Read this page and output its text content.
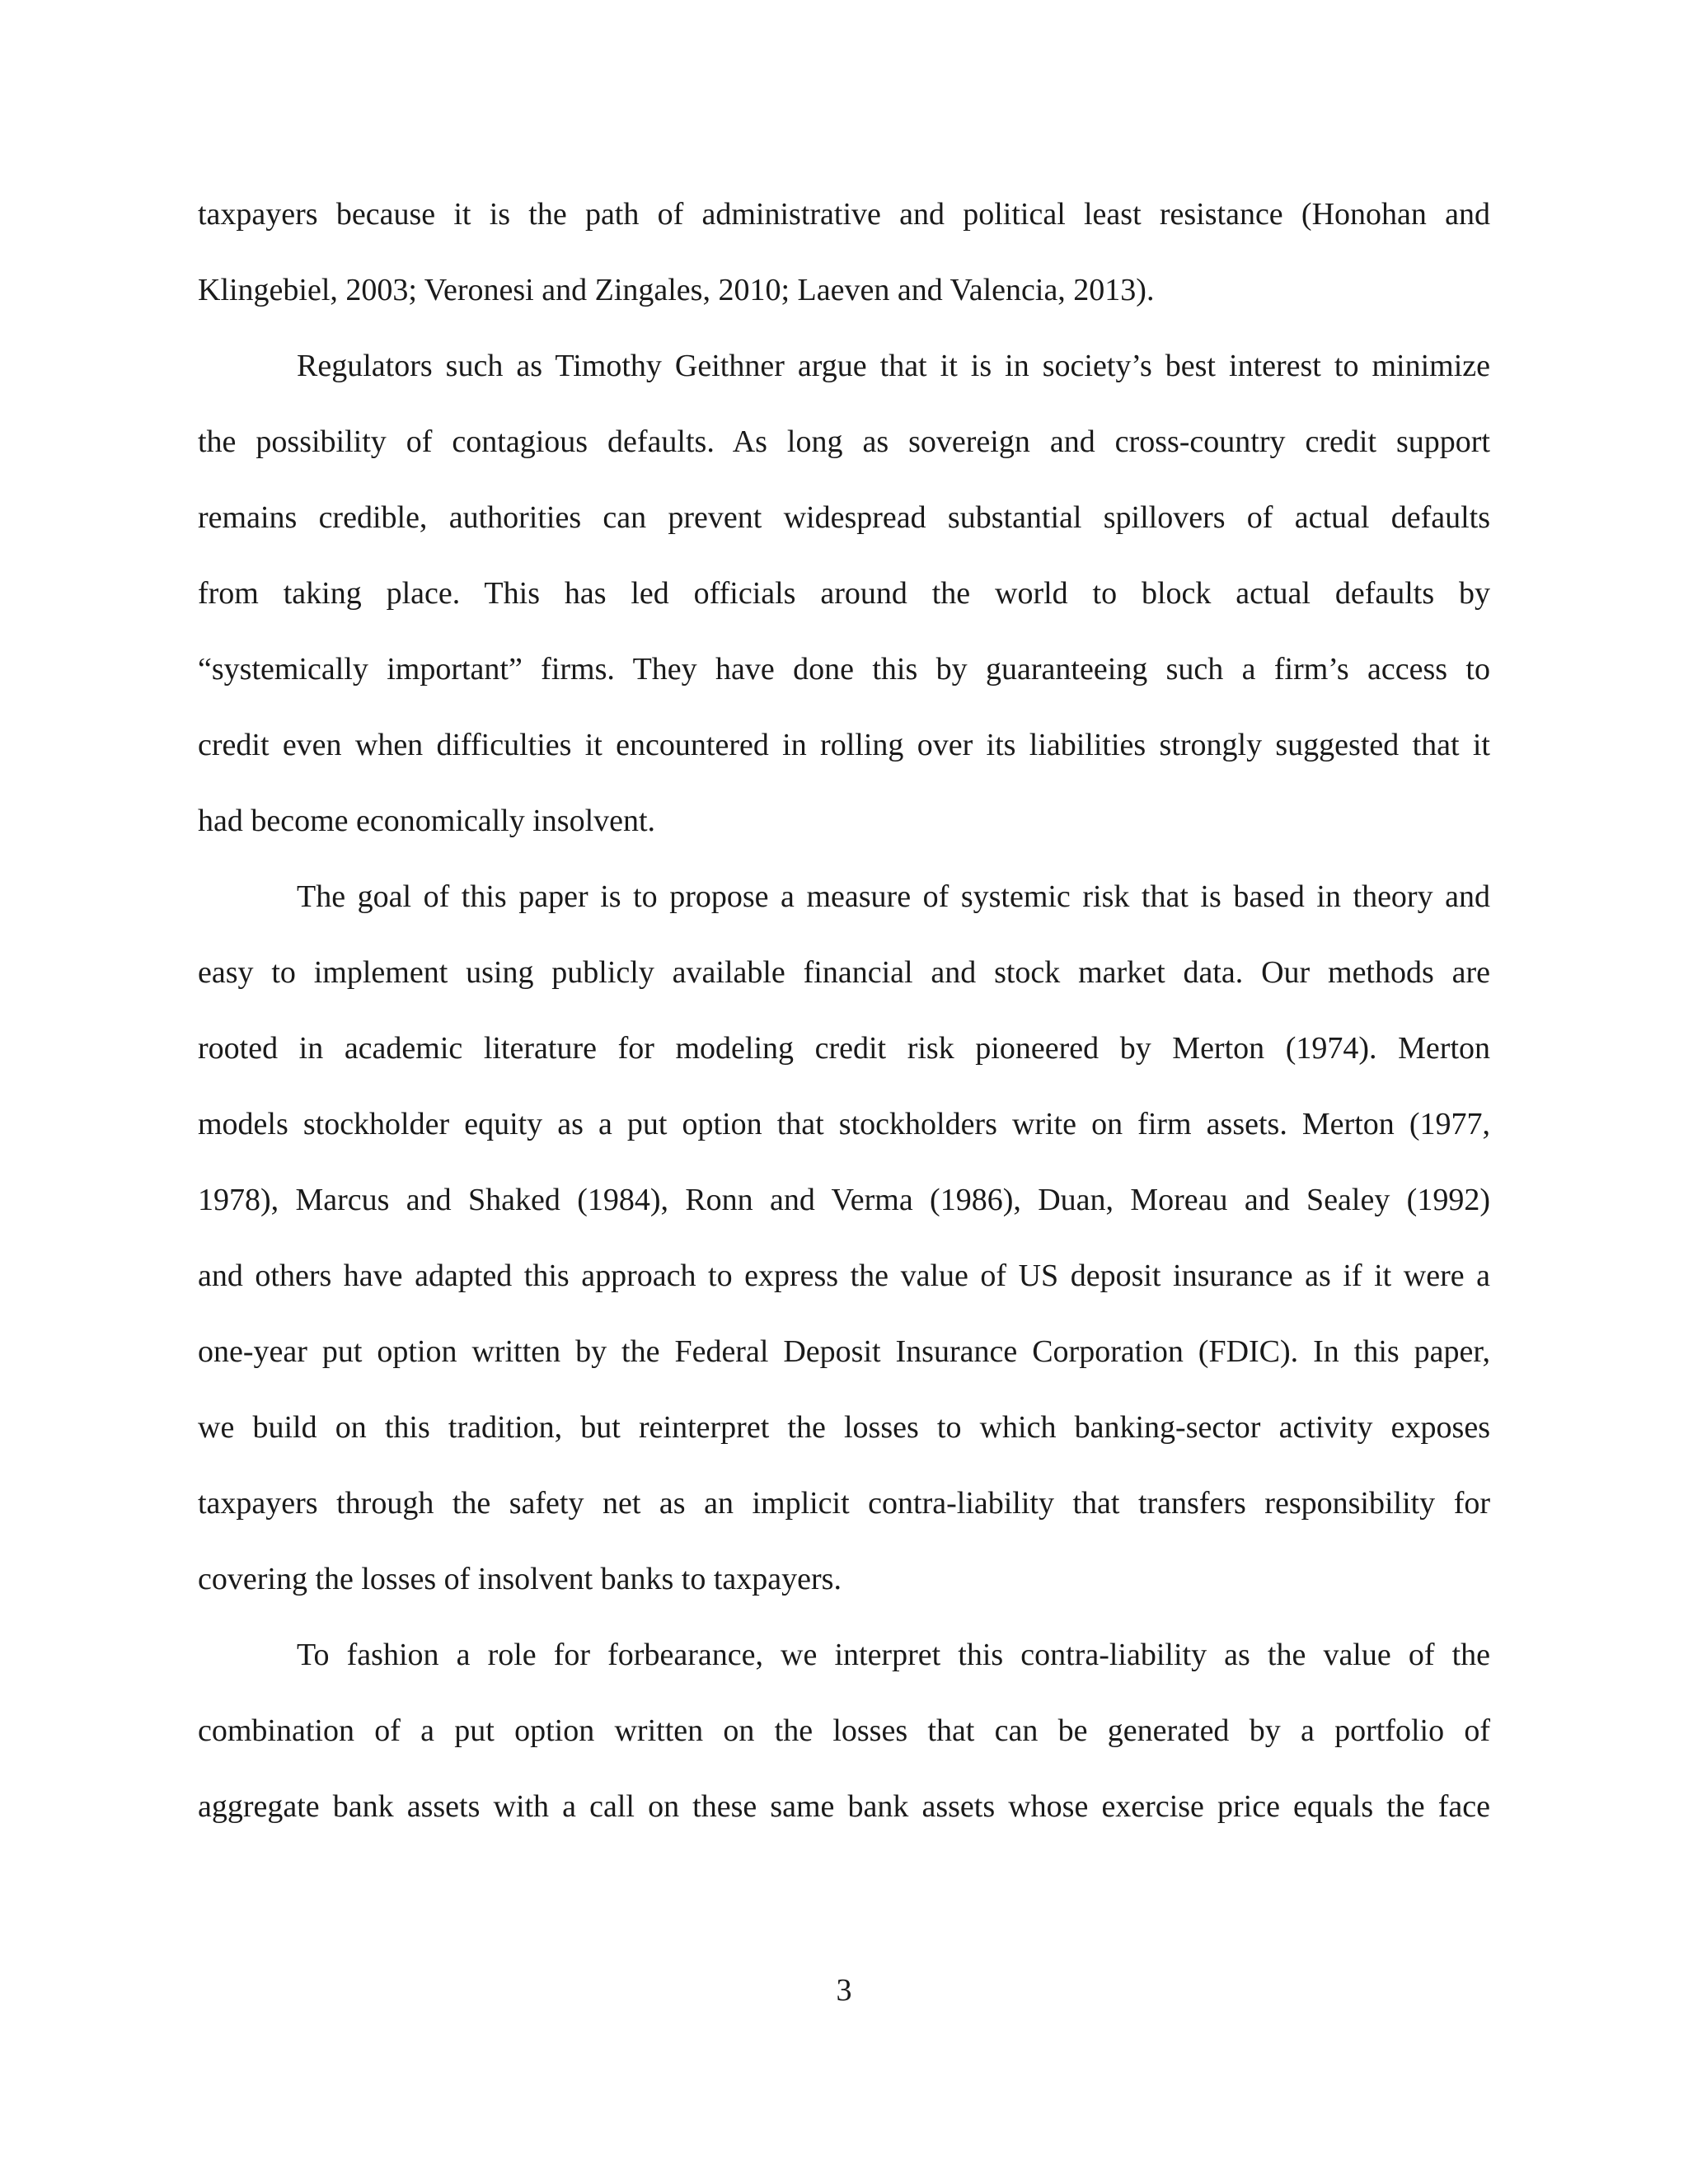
taxpayers because it is the path of administrative and political least resistance (Honohan and
Klingebiel, 2003; Veronesi and Zingales, 2010; Laeven and Valencia, 2013).
Regulators such as Timothy Geithner argue that it is in society’s best interest to minimize
the possibility of contagious defaults. As long as sovereign and cross-country credit support
remains credible, authorities can prevent widespread substantial spillovers of actual defaults
from taking place. This has led officials around the world to block actual defaults by
“systemically important” firms. They have done this by guaranteeing such a firm’s access to
credit even when difficulties it encountered in rolling over its liabilities strongly suggested that it
had become economically insolvent.
The goal of this paper is to propose a measure of systemic risk that is based in theory and
easy to implement using publicly available financial and stock market data. Our methods are
rooted in academic literature for modeling credit risk pioneered by Merton (1974). Merton
models stockholder equity as a put option that stockholders write on firm assets. Merton (1977,
1978), Marcus and Shaked (1984), Ronn and Verma (1986), Duan, Moreau and Sealey (1992)
and others have adapted this approach to express the value of US deposit insurance as if it were a
one-year put option written by the Federal Deposit Insurance Corporation (FDIC). In this paper,
we build on this tradition, but reinterpret the losses to which banking-sector activity exposes
taxpayers through the safety net as an implicit contra-liability that transfers responsibility for
covering the losses of insolvent banks to taxpayers.
To fashion a role for forbearance, we interpret this contra-liability as the value of the
combination of a put option written on the losses that can be generated by a portfolio of
aggregate bank assets with a call on these same bank assets whose exercise price equals the face
3
